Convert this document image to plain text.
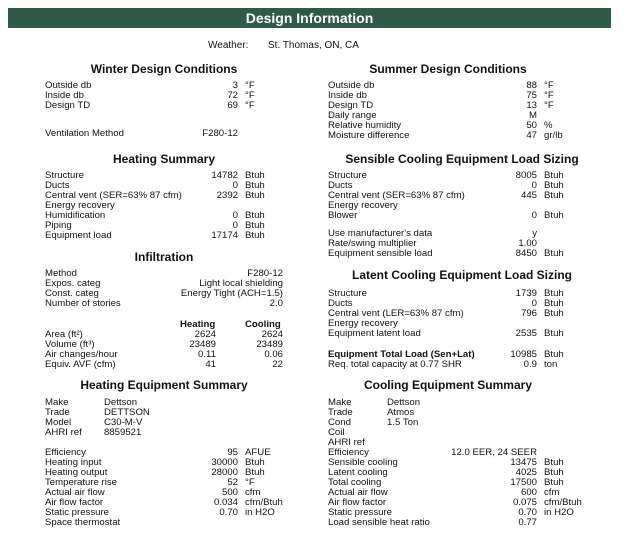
Design Information
Weather: St. Thomas, ON, CA
Winter Design Conditions
Outside db	3 °F
Inside db	72 °F
Design TD	69 °F
Ventilation Method	F280-12
Summer Design Conditions
Outside db	88 °F
Inside db	75 °F
Design TD	13 °F
Daily range	M
Relative humidity	50 %
Moisture difference	47 gr/lb
Heating Summary
Structure	14782 Btuh
Ducts	0 Btuh
Central vent (SER=63% 87 cfm)	2392 Btuh
Energy recovery
Humidification	0 Btuh
Piping	0 Btuh
Equipment load	17174 Btuh
Sensible Cooling Equipment Load Sizing
Structure	8005 Btuh
Ducts	0 Btuh
Central vent (SER=63% 87 cfm)	445 Btuh
Energy recovery
Blower	0 Btuh
Use manufacturer's data	y
Rate/swing multiplier	1.00
Equipment sensible load	8450 Btuh
Infiltration
Method	F280-12
Expos. categ	Light local shielding
Const. categ	Energy Tight (ACH=1.5)
Number of stories	2.0
Heating	Cooling
Area (ft²)	2624	2624
Volume (ft³)	23489	23489
Air changes/hour	0.11	0.06
Equiv. AVF (cfm)	41	22
Latent Cooling Equipment Load Sizing
Structure	1739 Btuh
Ducts	0 Btuh
Central vent (LER=63% 87 cfm)	796 Btuh
Energy recovery
Equipment latent load	2535 Btuh
Equipment Total Load (Sen+Lat)	10985 Btuh
Req. total capacity at 0.77 SHR	0.9 ton
Heating Equipment Summary
Make	Dettson
Trade	DETTSON
Model	C30-M-V
AHRI ref 8859521
Efficiency	95 AFUE
Heating input	30000 Btuh
Heating output	28000 Btuh
Temperature rise	52 °F
Actual air flow	500 cfm
Air flow factor	0.034 cfm/Btuh
Static pressure	0.70 in H2O
Space thermostat
Cooling Equipment Summary
Make	Dettson
Trade	Atmos
Cond	1.5 Ton
Coil
AHRI ref
Efficiency	12.0 EER, 24 SEER
Sensible cooling	13475 Btuh
Latent cooling	4025 Btuh
Total cooling	17500 Btuh
Actual air flow	600 cfm
Air flow factor	0.075 cfm/Btuh
Static pressure	0.70 in H2O
Load sensible heat ratio	0.77
